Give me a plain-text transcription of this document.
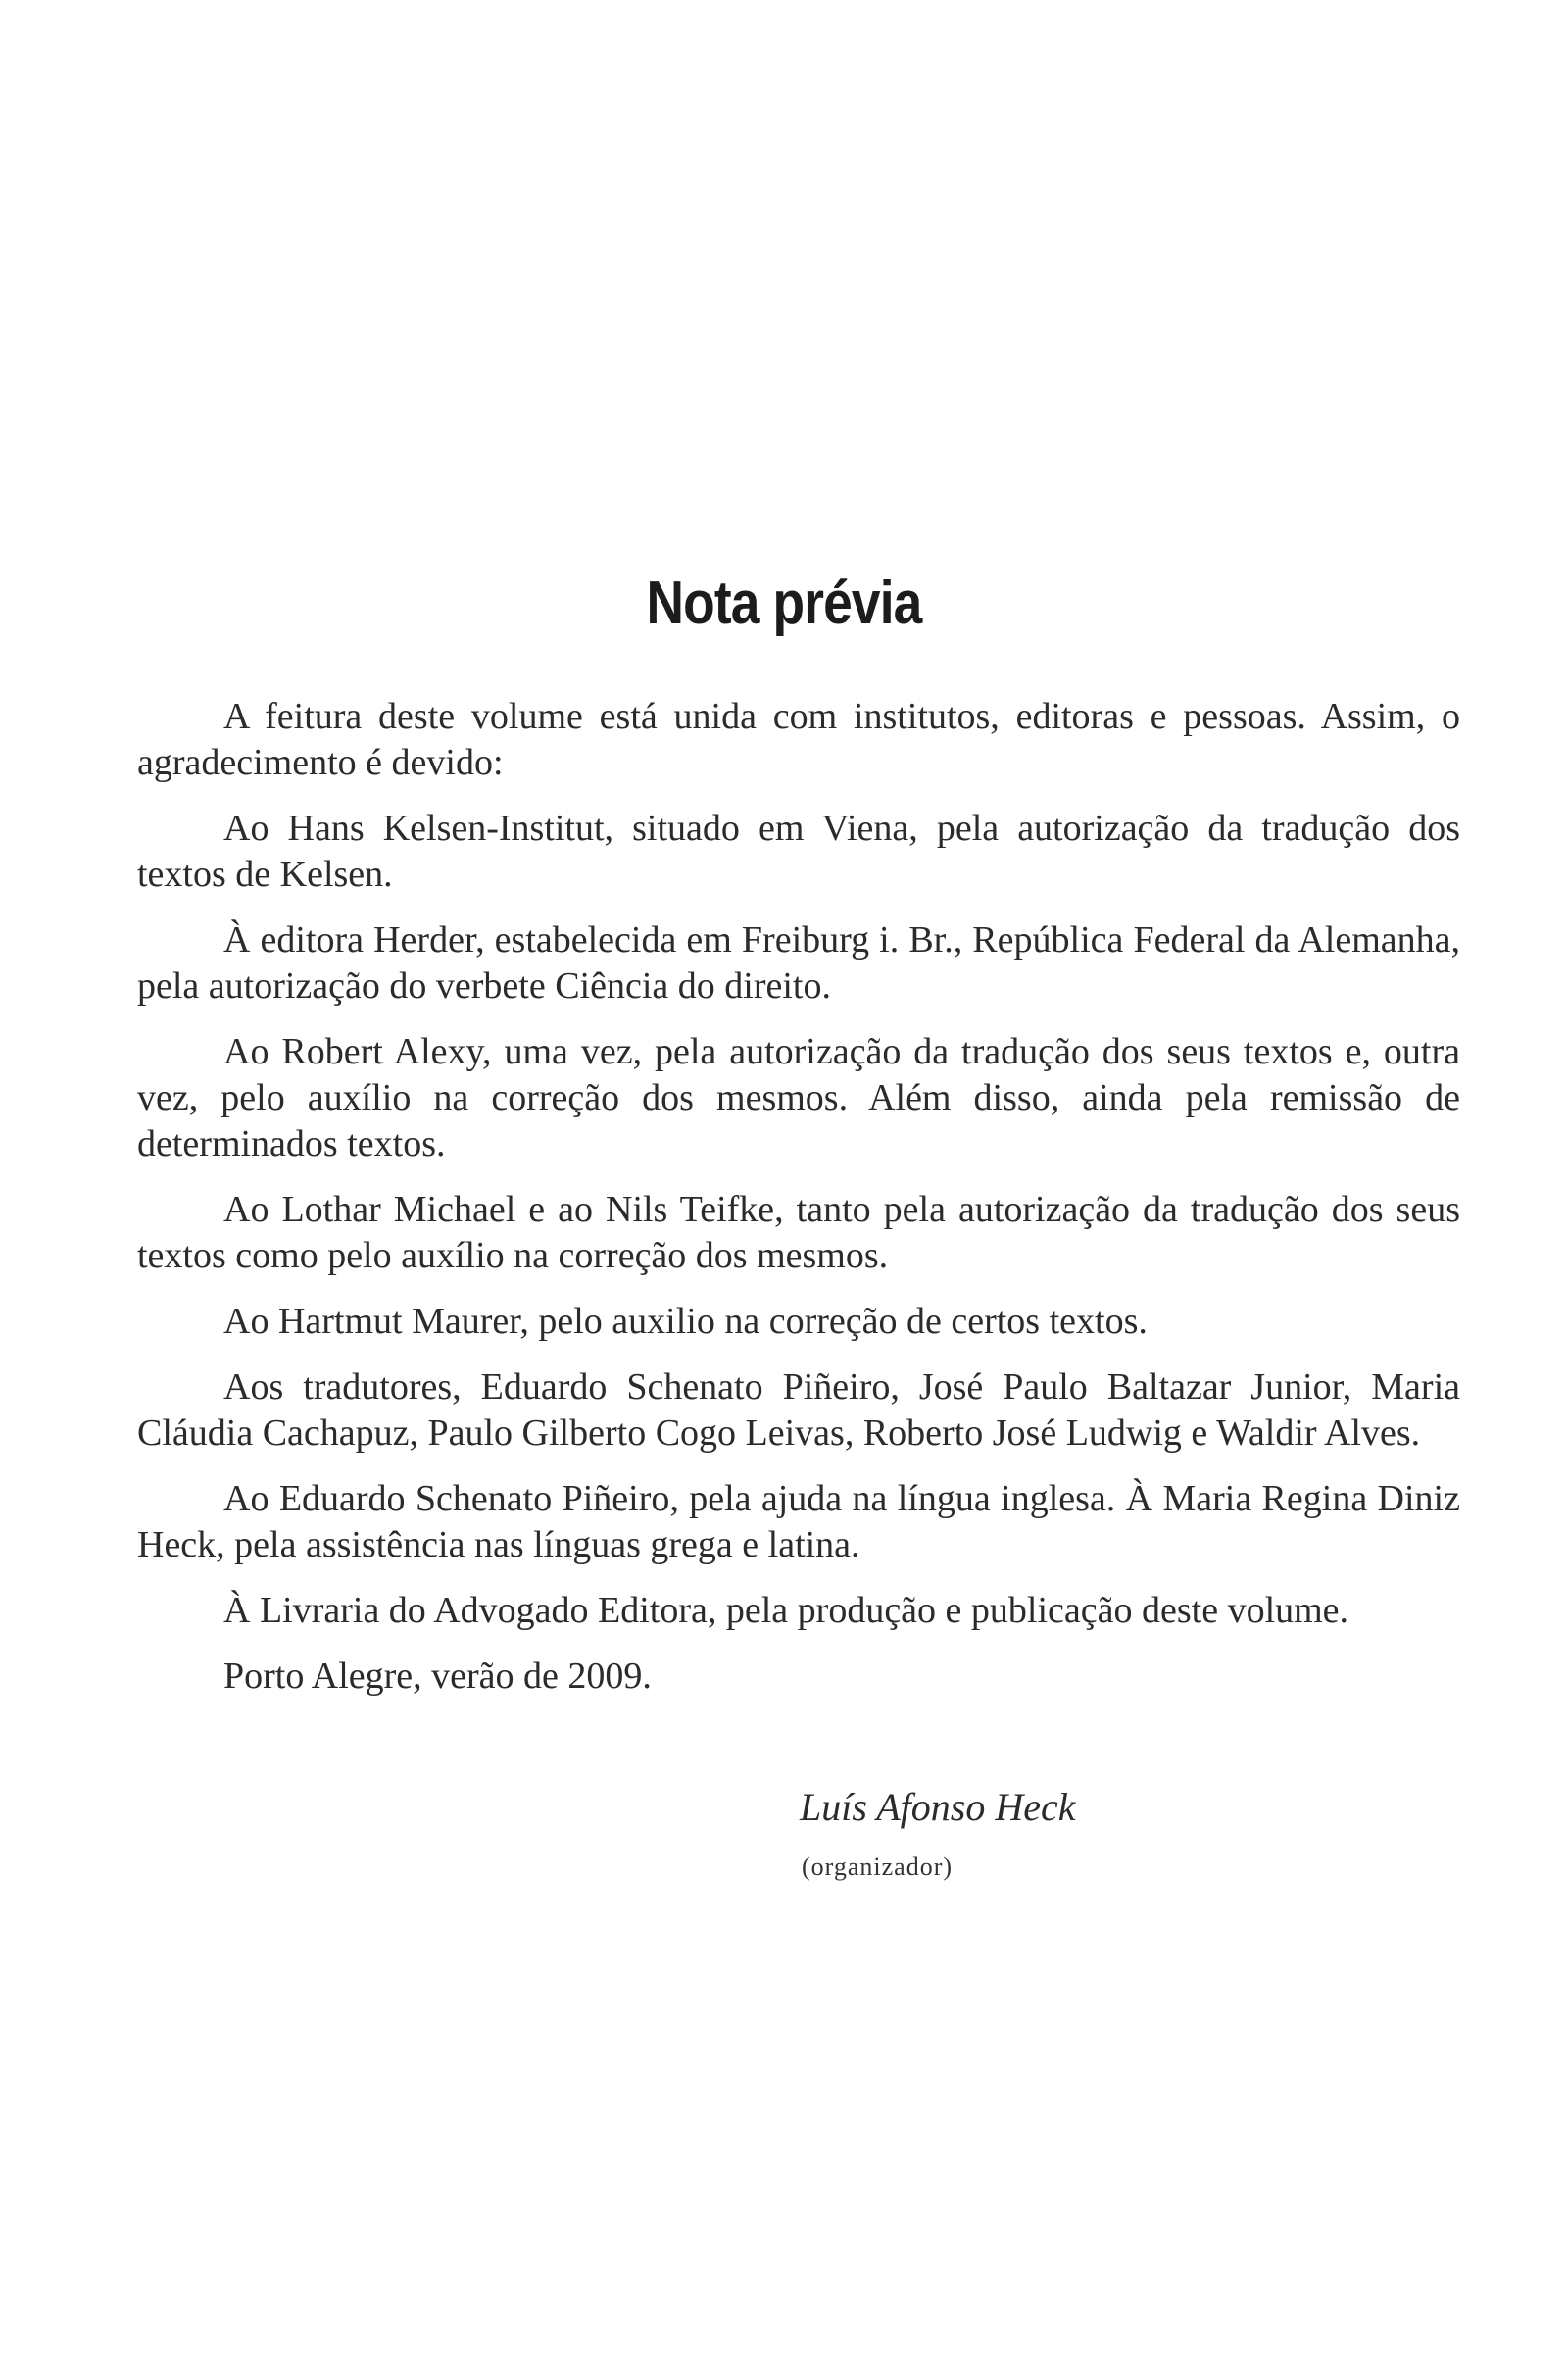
Nota prévia

A feitura deste volume está unida com institutos, editoras e pessoas. Assim, o agradecimento é devido:

Ao Hans Kelsen-Institut, situado em Viena, pela autorização da tradução dos textos de Kelsen.

À editora Herder, estabelecida em Freiburg i. Br., República Federal da Alemanha, pela autorização do verbete Ciência do direito.

Ao Robert Alexy, uma vez, pela autorização da tradução dos seus textos e, outra vez, pelo auxílio na correção dos mesmos. Além disso, ainda pela remissão de determinados textos.

Ao Lothar Michael e ao Nils Teifke, tanto pela autorização da tradução dos seus textos como pelo auxílio na correção dos mesmos.

Ao Hartmut Maurer, pelo auxilio na correção de certos textos.

Aos tradutores, Eduardo Schenato Piñeiro, José Paulo Baltazar Junior, Maria Cláudia Cachapuz, Paulo Gilberto Cogo Leivas, Roberto José Ludwig e Waldir Alves.

Ao Eduardo Schenato Piñeiro, pela ajuda na língua inglesa. À Maria Regina Diniz Heck, pela assistência nas línguas grega e latina.

À Livraria do Advogado Editora, pela produção e publicação deste volume.

Porto Alegre, verão de 2009.

Luís Afonso Heck
(organizador)
